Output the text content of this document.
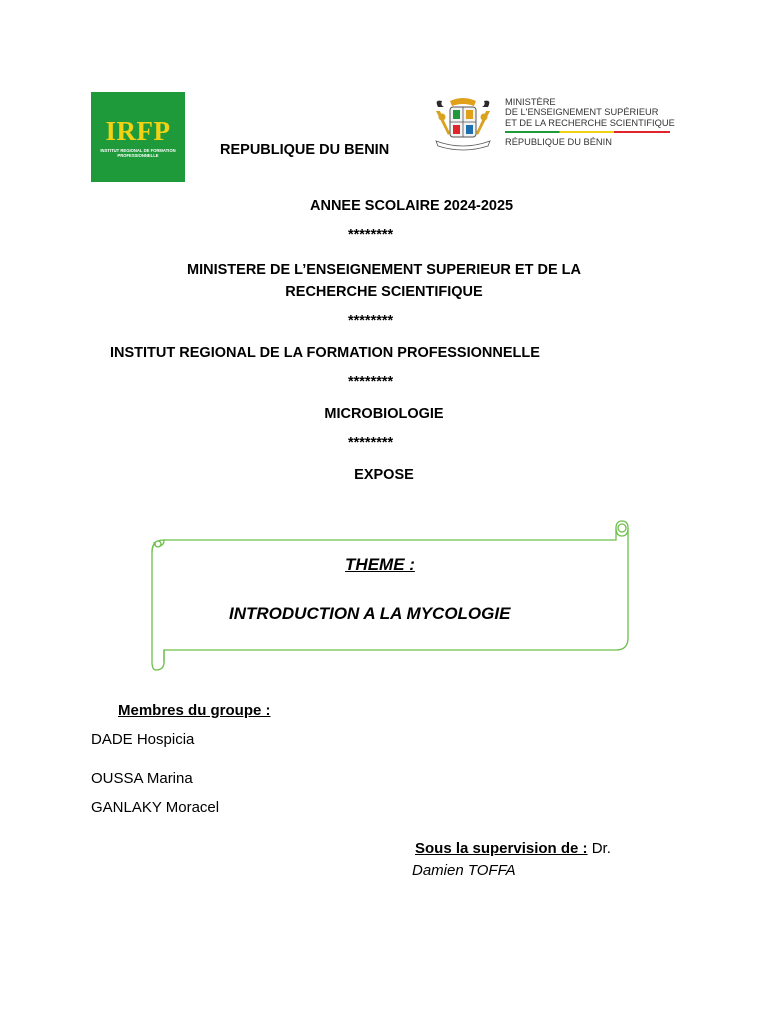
IRFP
INSTITUT REGIONAL DE FORMATION PROFESSIONNELLE
MINISTÈRE
DE L'ENSEIGNEMENT SUPÉRIEUR
ET DE LA RECHERCHE SCIENTIFIQUE
RÉPUBLIQUE DU BÉNIN
REPUBLIQUE DU BENIN
ANNEE SCOLAIRE 2024-2025
********
MINISTERE DE L’ENSEIGNEMENT SUPERIEUR ET DE LA
RECHERCHE SCIENTIFIQUE
********
INSTITUT REGIONAL DE LA FORMATION PROFESSIONNELLE
********
MICROBIOLOGIE
********
EXPOSE
THEME :
INTRODUCTION A LA MYCOLOGIE
Membres du groupe :
DADE Hospicia
OUSSA Marina
GANLAKY Moracel
Sous la supervision de : Dr.
Damien TOFFA
